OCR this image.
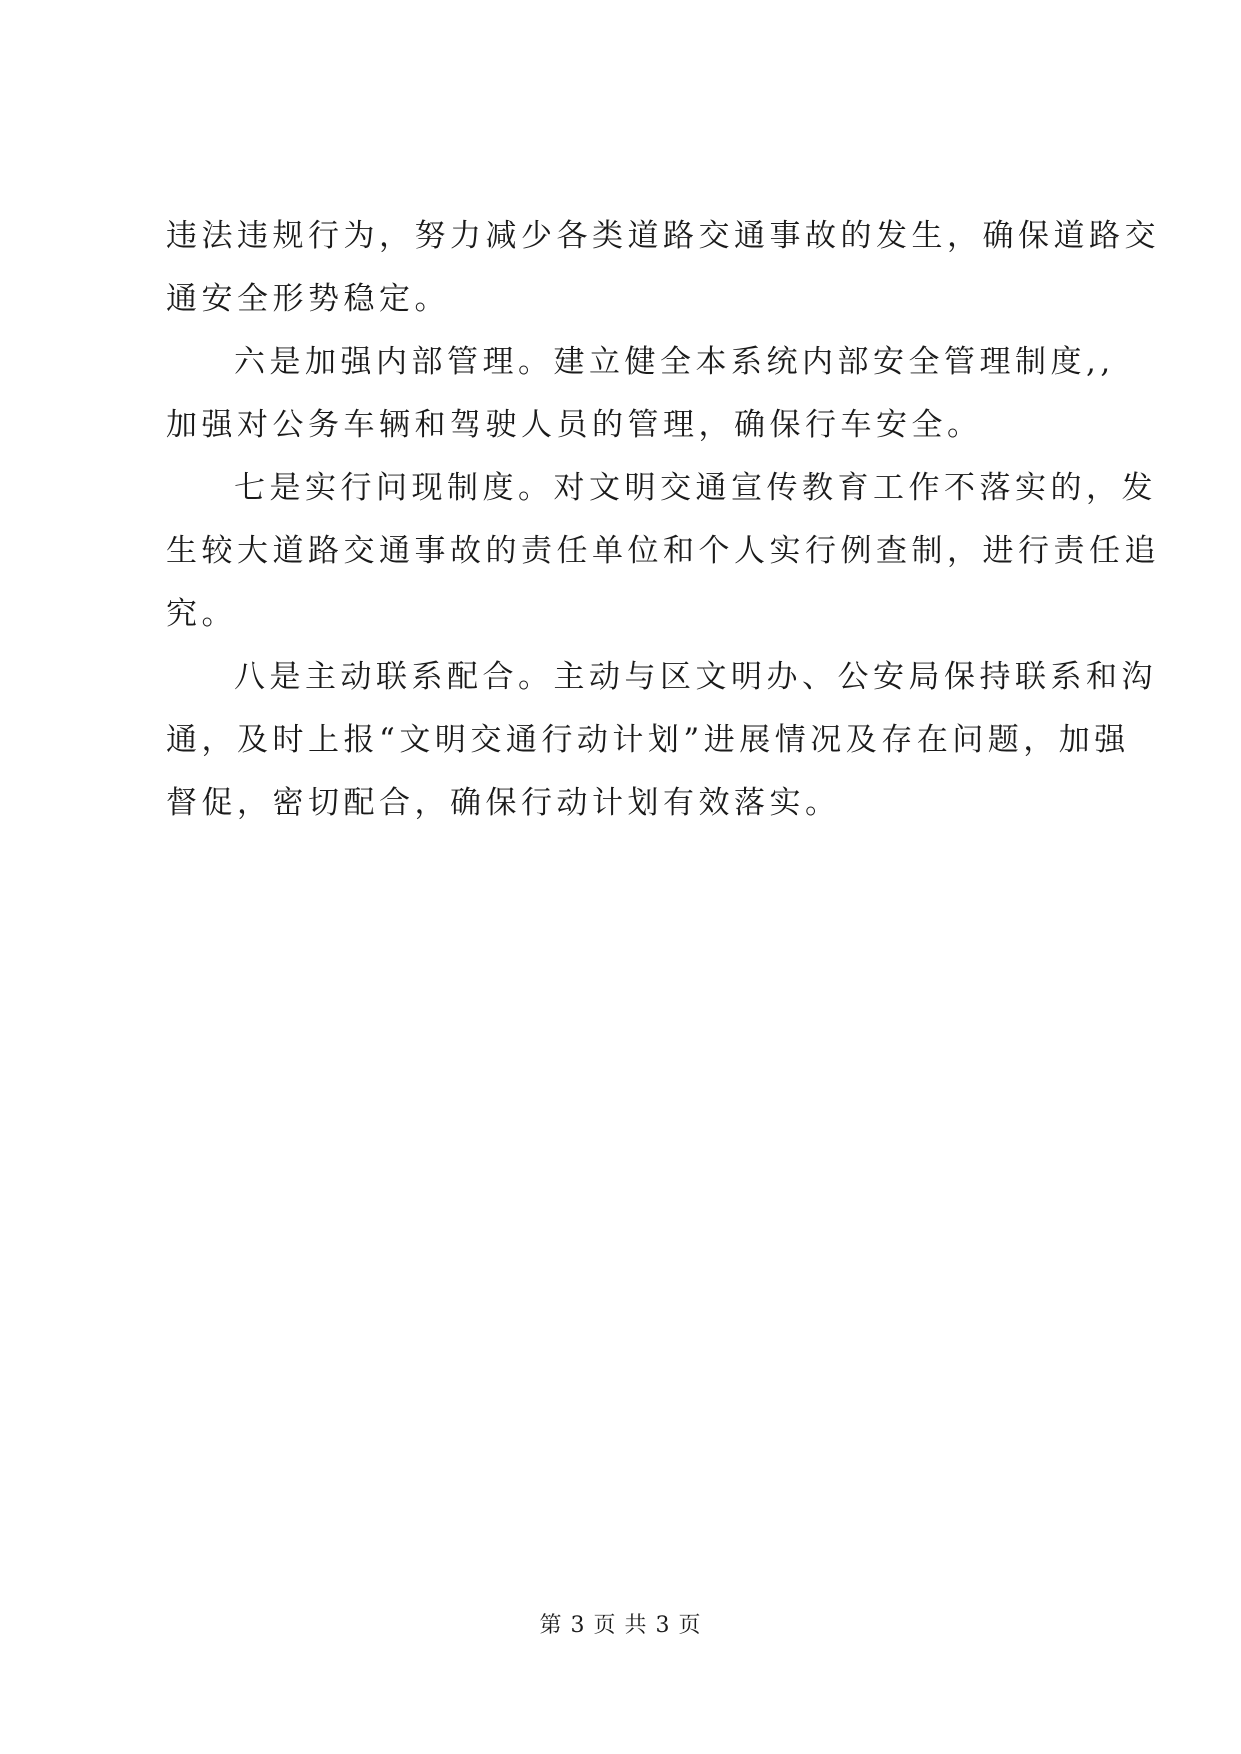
违法违规行为，努力减少各类道路交通事故的发生，确保道路交
通安全形势稳定。
六是加强内部管理。建立健全本系统内部安全管理制度,,
加强对公务车辆和驾驶人员的管理，确保行车安全。
七是实行问现制度。对文明交通宣传教育工作不落实的，发
生较大道路交通事故的责任单位和个人实行例查制，进行责任追
究。
八是主动联系配合。主动与区文明办、公安局保持联系和沟
通，及时上报“文明交通行动计划”进展情况及存在问题，加强
督促，密切配合，确保行动计划有效落实。
第 3 页 共 3 页
